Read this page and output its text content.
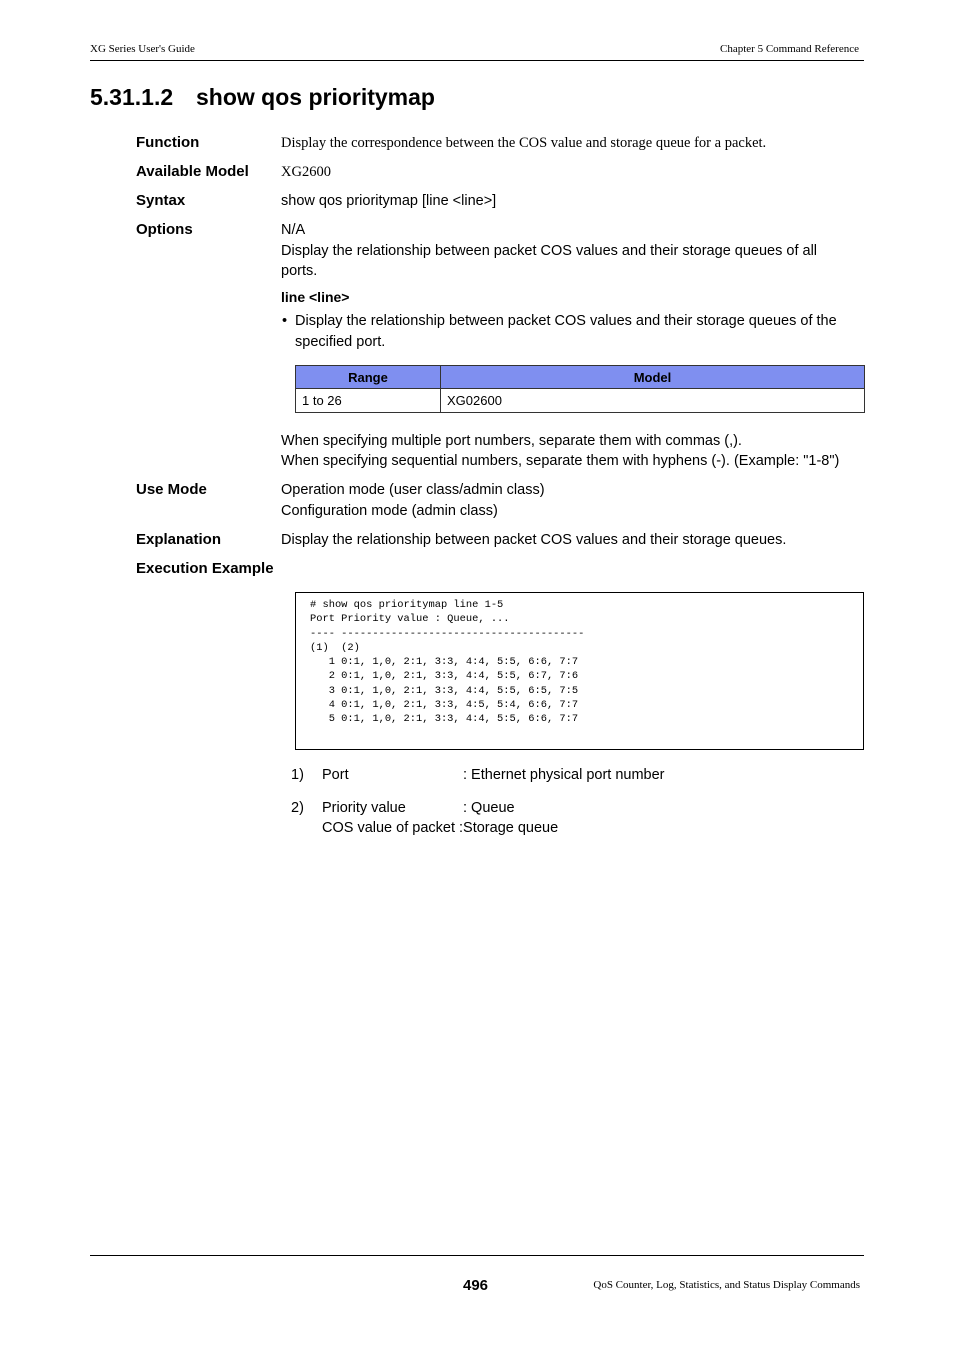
XG Series User's Guide	Chapter 5 Command Reference
5.31.1.2 show qos prioritymap
Function	Display the correspondence between the COS value and storage queue for a packet.
Available Model XG2600
Syntax	show qos prioritymap [line <line>]
Options	N/A
Display the relationship between packet COS values and their storage queues of all
ports.
line <line>
• Display the relationship between packet COS values and their storage queues of the
specified port.
Range	Model
1 to 26	XG02600
When specifying multiple port numbers, separate them with commas (,).
When specifying sequential numbers, separate them with hyphens (-). (Example: "1-8")
Use Mode	Operation mode (user class/admin class)
Configuration mode (admin class)
Explanation	Display the relationship between packet COS values and their storage queues.
Execution Example
# show qos prioritymap line 1-5
Port Priority value : Queue, ...
---- ---------------------------------------
(1)  (2)
1 0:1, 1,0, 2:1, 3:3, 4:4, 5:5, 6:6, 7:7
2 0:1, 1,0, 2:1, 3:3, 4:4, 5:5, 6:7, 7:6
3 0:1, 1,0, 2:1, 3:3, 4:4, 5:5, 6:5, 7:5
4 0:1, 1,0, 2:1, 3:3, 4:5, 5:4, 6:6, 7:7
5 0:1, 1,0, 2:1, 3:3, 4:4, 5:5, 6:6, 7:7
1) Port	: Ethernet physical port number
2) Priority value	: Queue
COS value of packet :Storage queue
496	QoS Counter, Log, Statistics, and Status Display Commands
